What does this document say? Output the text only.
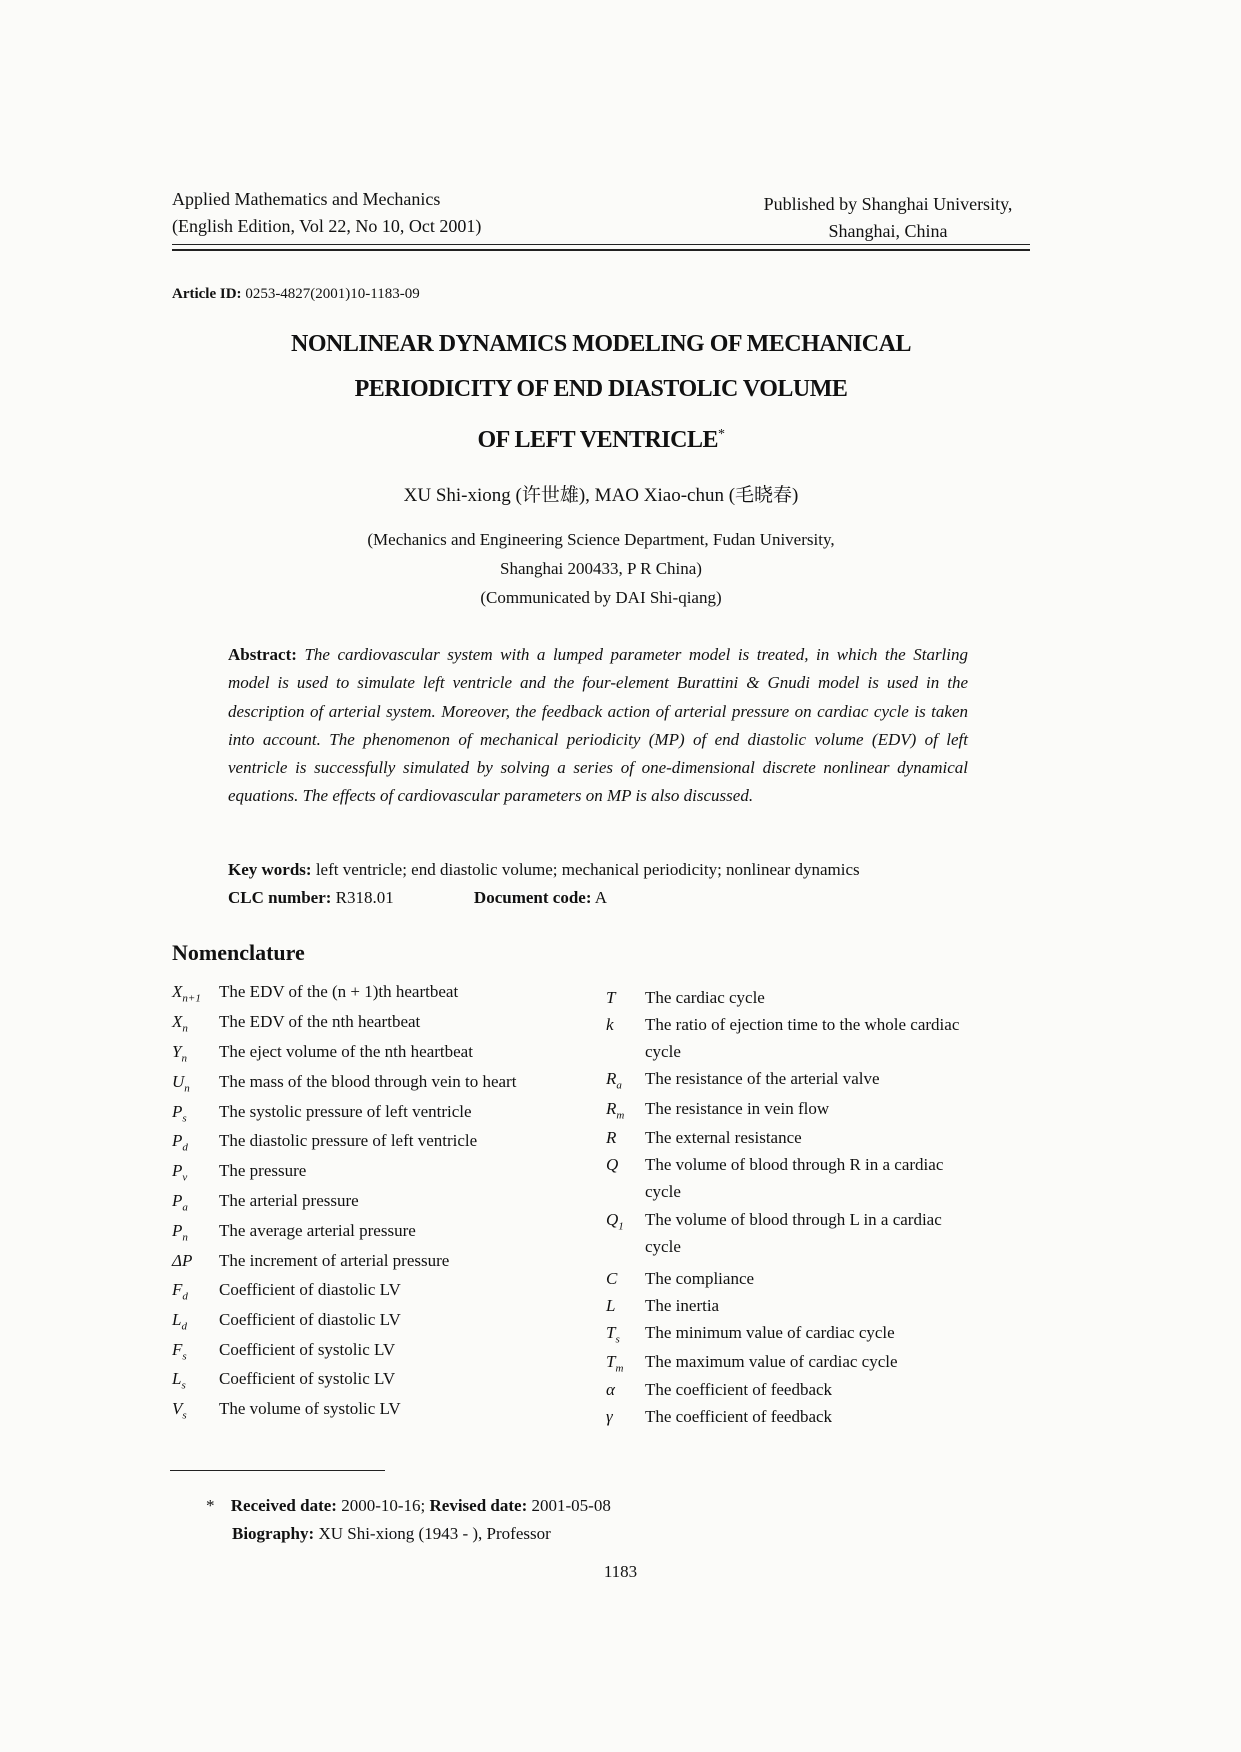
Applied Mathematics and Mechanics
(English Edition, Vol 22, No 10, Oct 2001)
Published by Shanghai University,
Shanghai, China
Article ID: 0253-4827(2001)10-1183-09
NONLINEAR DYNAMICS MODELING OF MECHANICAL
PERIODICITY OF END DIASTOLIC VOLUME
OF LEFT VENTRICLE*
XU Shi-xiong (许世雄), MAO Xiao-chun (毛晓春)
(Mechanics and Engineering Science Department, Fudan University,
Shanghai 200433, P R China)
(Communicated by DAI Shi-qiang)
Abstract: The cardiovascular system with a lumped parameter model is treated, in which the Starling model is used to simulate left ventricle and the four-element Burattini & Gnudi model is used in the description of arterial system. Moreover, the feedback action of arterial pressure on cardiac cycle is taken into account. The phenomenon of mechanical periodicity (MP) of end diastolic volume (EDV) of left ventricle is successfully simulated by solving a series of one-dimensional discrete nonlinear dynamical equations. The effects of cardiovascular parameters on MP is also discussed.
Key words: left ventricle; end diastolic volume; mechanical periodicity; nonlinear dynamics
CLC number: R318.01	Document code: A
Nomenclature
* Received date: 2000-10-16; Revised date: 2001-05-08
Biography: XU Shi-xiong (1943 - ), Professor
1183
$X_{n+1}$ The EDV of the (n + 1)th heartbeat
$X_n$ The EDV of the nth heartbeat
$Y_n$ The eject volume of the nth heartbeat
$U_n$ The mass of the blood through vein to heart
$P_s$ The systolic pressure of left ventricle
$P_d$ The diastolic pressure of left ventricle
$P_v$ The pressure
$P_a$ The arterial pressure
$P_n$ The average arterial pressure
ΔP The increment of arterial pressure
$F_d$ Coefficient of diastolic LV
$L_d$ Coefficient of diastolic LV
$F_s$ Coefficient of systolic LV
$L_s$ Coefficient of systolic LV
$V_s$ The volume of systolic LV
T The cardiac cycle
k The ratio of ejection time to the whole cardiac
cycle
$R_a$ The resistance of the arterial valve
$R_m$ The resistance in vein flow
R The external resistance
Q The volume of blood through R in a cardiac
cycle
$Q_1$ The volume of blood through L in a cardiac
cycle
C The compliance
L The inertia
$T_s$ The minimum value of cardiac cycle
$T_m$ The maximum value of cardiac cycle
α The coefficient of feedback
γ The coefficient of feedback
